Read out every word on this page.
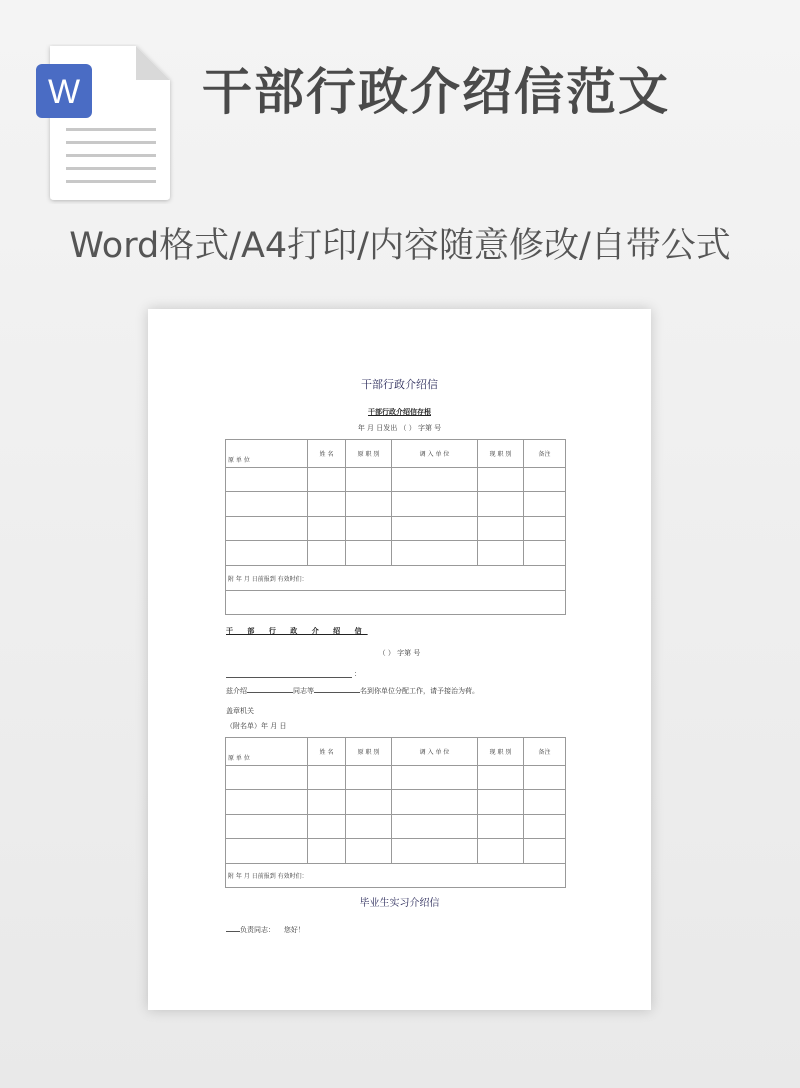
W 干部行政介绍信范文
Word格式/A4打印/内容随意修改/自带公式
干部行政介绍信
干部行政介绍信存根
年 月 日发出 （ ） 字第 号
原 单 位	姓 名	原 职 别	调 入 单 位	现 职 别	备注

附 年 月 日前报到 有效时们：					

干 部 行 政 介 绍 信
（ ） 字第 号
：
兹介绍	同志等	名到你单位分配工作，请予接治为荷。
盖章机关
（附名单）年 月 日
原 单 位	姓 名	原 职 别	调 入 单 位	现 职 别	备注

附 年 月 日前报到 有效时们：					
毕业生实习介绍信
负责同志： 您好！
